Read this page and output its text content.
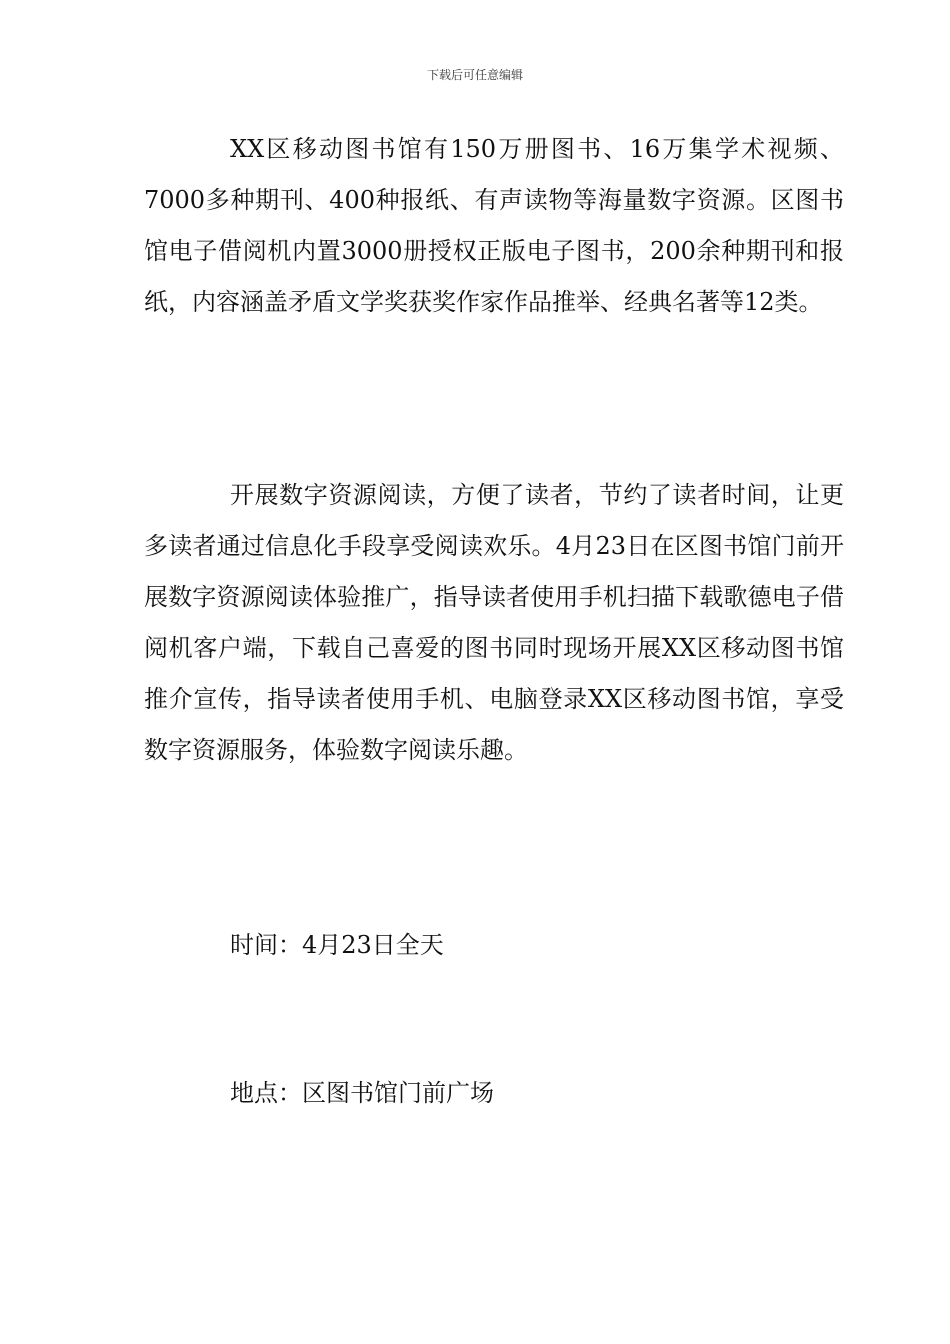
下载后可任意编辑

XX区移动图书馆有150万册图书、16万集学术视频、7000多种期刊、400种报纸、有声读物等海量数字资源。区图书馆电子借阅机内置3000册授权正版电子图书，200余种期刊和报纸，内容涵盖矛盾文学奖获奖作家作品推举、经典名著等12类。

开展数字资源阅读，方便了读者，节约了读者时间，让更多读者通过信息化手段享受阅读欢乐。4月23日在区图书馆门前开展数字资源阅读体验推广，指导读者使用手机扫描下载歌德电子借阅机客户端，下载自己喜爱的图书同时现场开展XX区移动图书馆推介宣传，指导读者使用手机、电脑登录XX区移动图书馆，享受数字资源服务，体验数字阅读乐趣。

时间：4月23日全天

地点：区图书馆门前广场
